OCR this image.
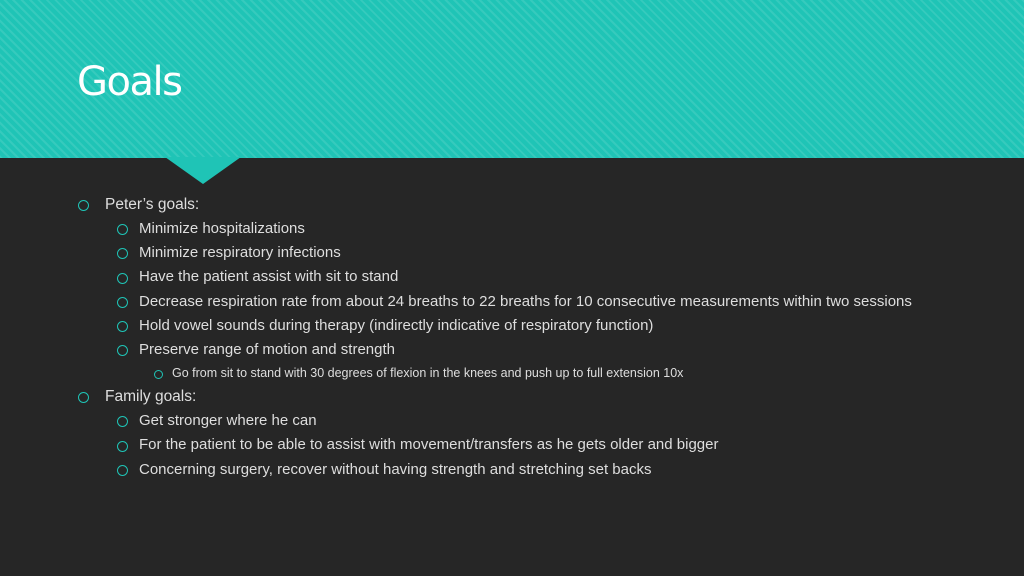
Goals
Peter’s goals:
Minimize hospitalizations
Minimize respiratory infections
Have the patient assist with sit to stand
Decrease respiration rate from about 24 breaths to 22 breaths for 10 consecutive measurements within two sessions
Hold vowel sounds during therapy (indirectly indicative of respiratory function)
Preserve range of motion and strength
Go from sit to stand with 30 degrees of flexion in the knees and push up to full extension 10x
Family goals:
Get stronger where he can
For the patient to be able to assist with movement/transfers as he gets older and bigger
Concerning surgery, recover without having strength and stretching set backs
